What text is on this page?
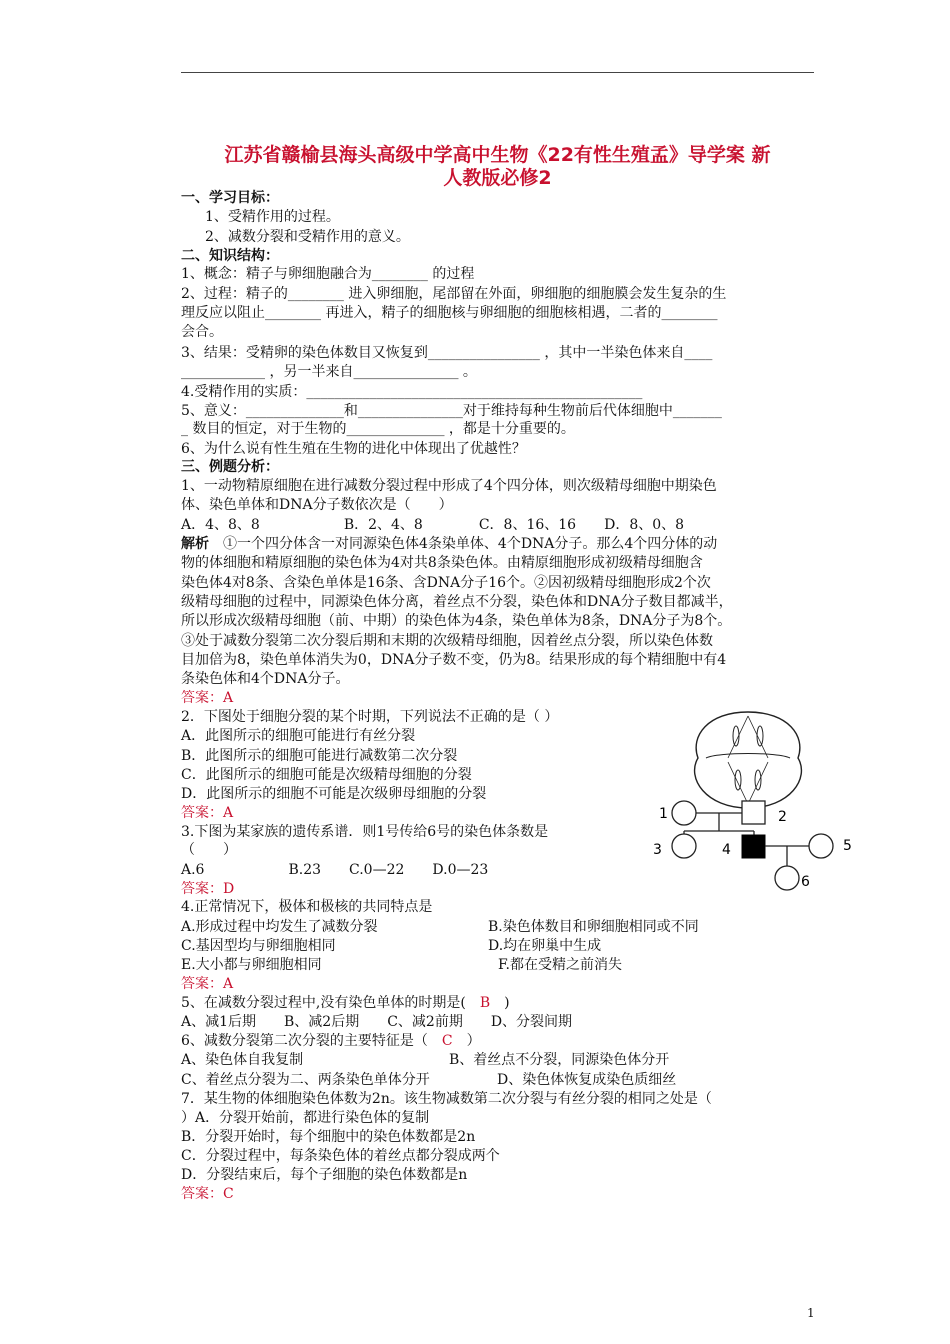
江苏省赣榆县海头高级中学高中生物《22有性生殖孟》导学案 新
人教版必修2
一、学习目标：
1、受精作用的过程。
2、减数分裂和受精作用的意义。
二、知识结构：
1、概念：精子与卵细胞融合为________ 的过程
2、过程：精子的________ 进入卵细胞，尾部留在外面，卵细胞的细胞膜会发生复杂的生
理反应以阻止________ 再进入，精子的细胞核与卵细胞的细胞核相遇，二者的________
会合。
3、结果：受精卵的染色体数目又恢复到________________ ，其中一半染色体来自____
____________ ，另一半来自_______________ 。
4.受精作用的实质：________________________________________________
5、意义：______________和_______________对于维持每种生物前后代体细胞中_______
_ 数目的恒定，对于生物的______________ ，都是十分重要的。
6、为什么说有性生殖在生物的进化中体现出了优越性？
三、例题分析：
1、一动物精原细胞在进行减数分裂过程中形成了4个四分体，则次级精母细胞中期染色
体、染色单体和DNA分子数依次是（　　）
A．4、8、8　　　　　　B．2、4、8　　　　C．8、16、16　　D．8、0、8
解析　 ①一个四分体含一对同源染色体4条染单体、4个DNA分子。那么4个四分体的动
物的体细胞和精原细胞的染色体为4对共8条染色体。由精原细胞形成初级精母细胞含
染色体4对8条、含染色单体是16条、含DNA分子16个。②因初级精母细胞形成2个次
级精母细胞的过程中，同源染色体分离，着丝点不分裂，染色体和DNA分子数目都减半，
所以形成次级精母细胞（前、中期）的染色体为4条，染色单体为8条，DNA分子为8个。
③处于减数分裂第二次分裂后期和末期的次级精母细胞，因着丝点分裂，所以染色体数
目加倍为8，染色单体消失为0，DNA分子数不变，仍为8。结果形成的每个精细胞中有4
条染色体和4个DNA分子。
答案：A
2．下图处于细胞分裂的某个时期，下列说法不正确的是（ ）
A．此图所示的细胞可能进行有丝分裂
B．此图所示的细胞可能进行减数第二次分裂
C．此图所示的细胞可能是次级精母细胞的分裂
D．此图所示的细胞不可能是次级卵母细胞的分裂
答案：A
3.下图为某家族的遗传系谱．则1号传给6号的染色体条数是
（　　）
A.6　　　　　　B.23　　C.0—22　　D.0—23
答案：D
4.正常情况下，极体和极核的共同特点是
A.形成过程中均发生了减数分裂	B.染色体数目和卵细胞相同或不同
C.基因型均与卵细胞相同	D.均在卵巢中生成
E.大小都与卵细胞相同	F.都在受精之前消失
答案：A
5、在减数分裂过程中,没有染色单体的时期是(　 B　 )
A、减1后期　　B、减2后期　　C、减2前期　　D、分裂间期
6、减数分裂第二次分裂的主要特征是（　 C　 ）
A、染色体自我复制	B、着丝点不分裂，同源染色体分开
C、着丝点分裂为二、两条染色单体分开	D、染色体恢复成染色质细丝
7．某生物的体细胞染色体数为2n。该生物减数第二次分裂与有丝分裂的相同之处是（
）A．分裂开始前，都进行染色体的复制
B．分裂开始时，每个细胞中的染色体数都是2n
C．分裂过程中，每条染色体的着丝点都分裂成两个
D．分裂结束后，每个子细胞的染色体数都是n
答案：C
1	2
3	4	5
6
1
